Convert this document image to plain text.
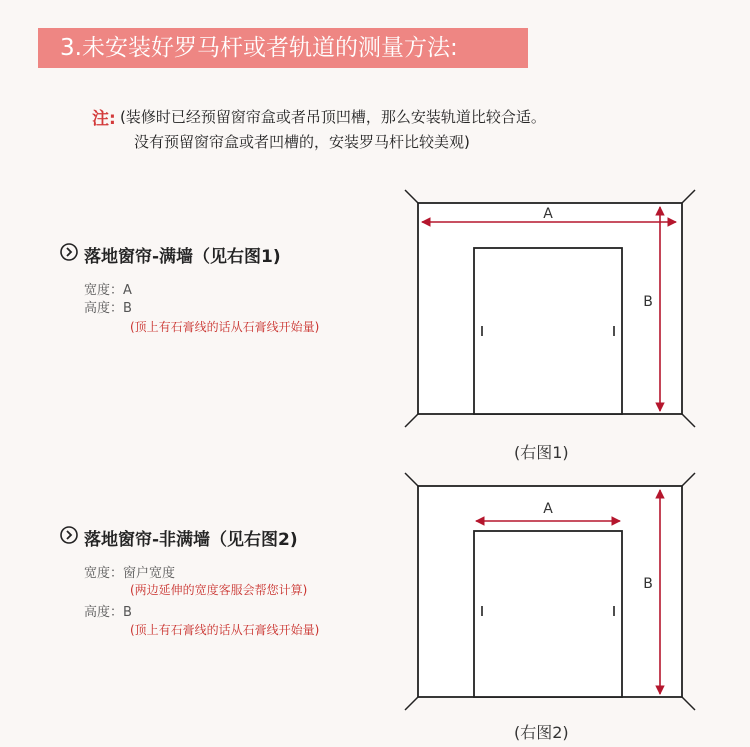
3.未安装好罗马杆或者轨道的测量方法:
注: (装修时已经预留窗帘盒或者吊顶凹槽，那么安装轨道比较合适。
没有预留窗帘盒或者凹槽的，安装罗马杆比较美观)
落地窗帘-满墙（见右图1)
宽度：A
高度：B
(顶上有石膏线的话从石膏线开始量)
落地窗帘-非满墙（见右图2)
宽度：窗户宽度
(两边延伸的宽度客服会帮您计算)
高度：B
(顶上有石膏线的话从石膏线开始量)
A
B
(右图1)
A
B
(右图2)
